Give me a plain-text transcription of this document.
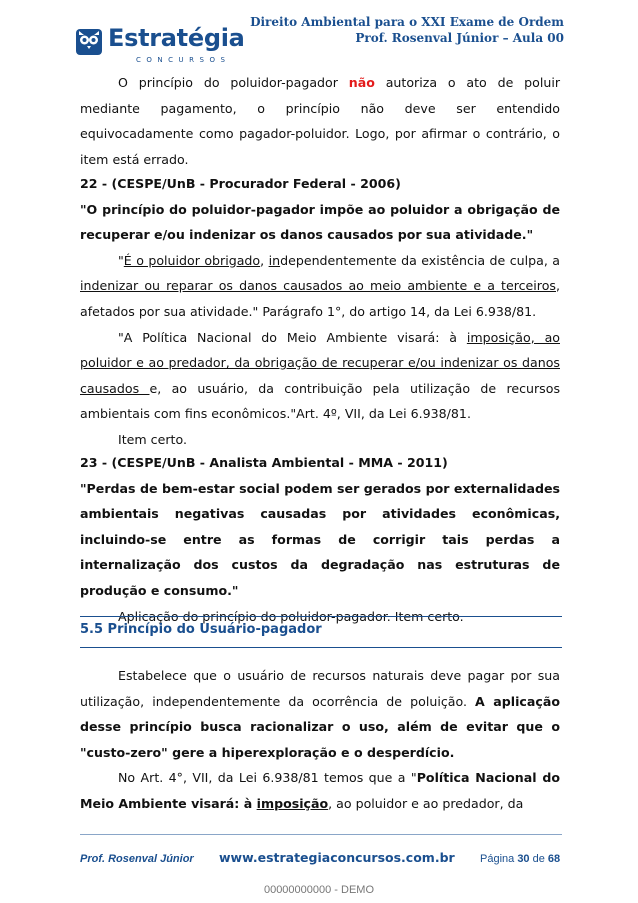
Estratégia
CONCURSOS
Direito Ambiental para o XXI Exame de Ordem
Prof. Rosenval Júnior – Aula 00

O princípio do poluidor-pagador não autoriza o ato de poluir mediante pagamento, o princípio não deve ser entendido equivocadamente como pagador-poluidor. Logo, por afirmar o contrário, o item está errado.

22 - (CESPE/UnB - Procurador Federal - 2006)

"O princípio do poluidor-pagador impõe ao poluidor a obrigação de recuperar e/ou indenizar os danos causados por sua atividade."

"É o poluidor obrigado, independentemente da existência de culpa, a indenizar ou reparar os danos causados ao meio ambiente e a terceiros, afetados por sua atividade." Parágrafo 1°, do artigo 14, da Lei 6.938/81.

"A Política Nacional do Meio Ambiente visará: à imposição, ao poluidor e ao predador, da obrigação de recuperar e/ou indenizar os danos causados e, ao usuário, da contribuição pela utilização de recursos ambientais com fins econômicos."Art. 4º, VII, da Lei 6.938/81.

Item certo.

23 - (CESPE/UnB - Analista Ambiental - MMA - 2011)

"Perdas de bem-estar social podem ser gerados por externalidades ambientais negativas causadas por atividades econômicas, incluindo-se entre as formas de corrigir tais perdas a internalização dos custos da degradação nas estruturas de produção e consumo."

Aplicação do princípio do poluidor-pagador. Item certo.

5.5 Princípio do Usuário-pagador

Estabelece que o usuário de recursos naturais deve pagar por sua utilização, independentemente da ocorrência de poluição. A aplicação desse princípio busca racionalizar o uso, além de evitar que o "custo-zero" gere a hiperexploração e o desperdício.

No Art. 4°, VII, da Lei 6.938/81 temos que a "Política Nacional do Meio Ambiente visará: à imposição, ao poluidor e ao predador, da

Prof. Rosenval Júnior www.estrategiaconcursos.com.br Página 30 de 68
00000000000 - DEMO
